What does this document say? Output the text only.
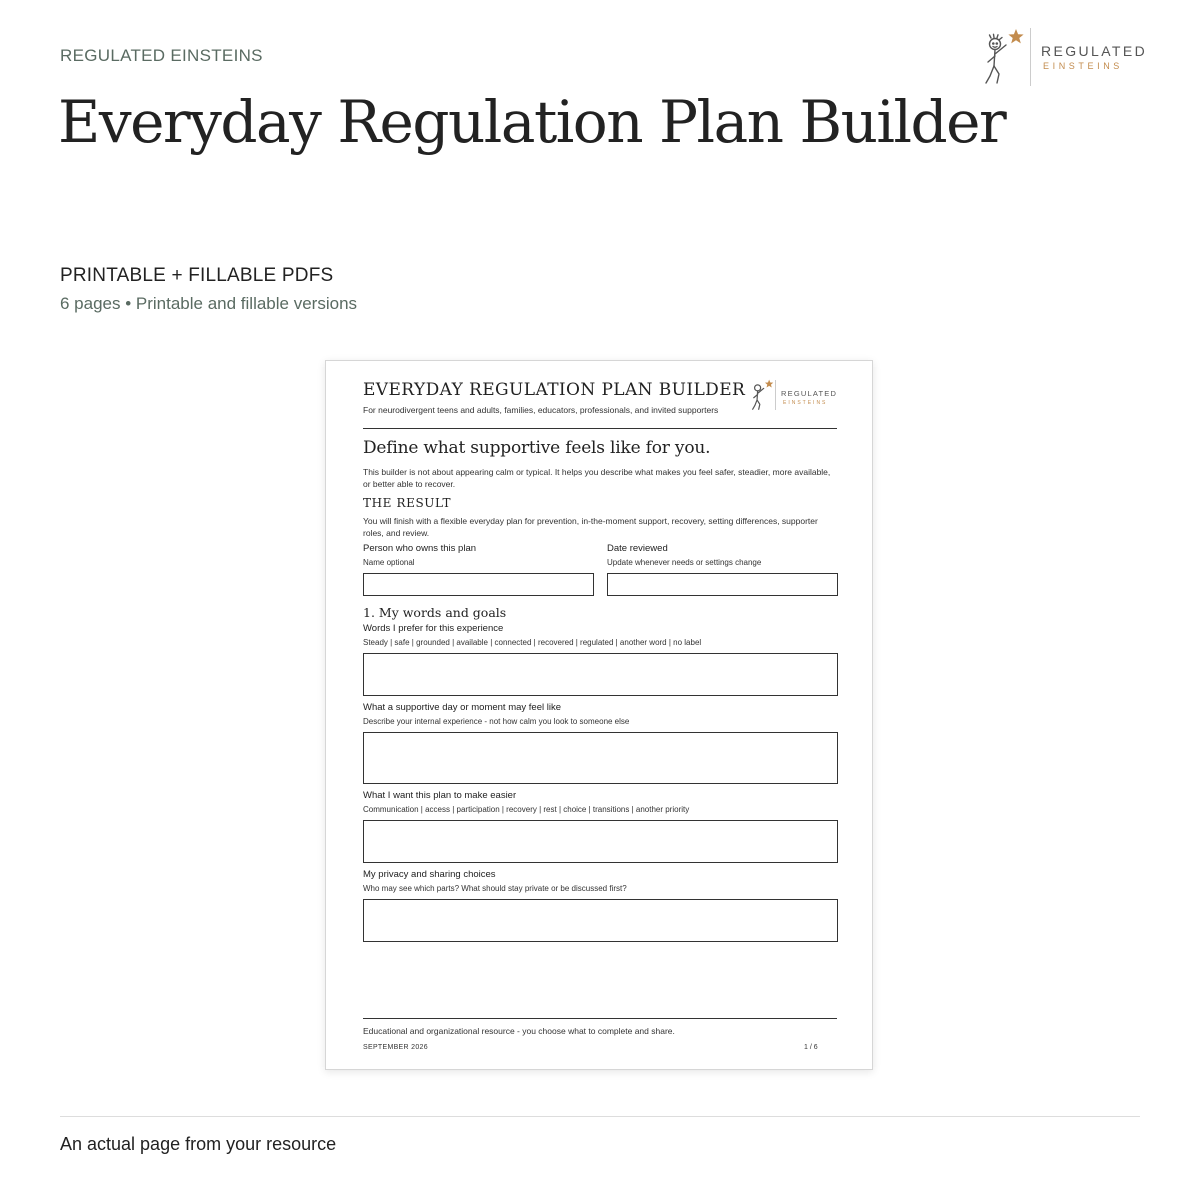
REGULATED EINSTEINS
Everyday Regulation Plan Builder
REGULATED
EINSTEINS
PRINTABLE + FILLABLE PDFS
6 pages • Printable and fillable versions
EVERYDAY REGULATION PLAN BUILDER
For neurodivergent teens and adults, families, educators, professionals, and invited supporters
REGULATED
EINSTEINS
Define what supportive feels like for you.
This builder is not about appearing calm or typical. It helps you describe what makes you feel safer, steadier, more available, or better able to recover.
THE RESULT
You will finish with a flexible everyday plan for prevention, in-the-moment support, recovery, setting differences, supporter roles, and review.
Person who owns this plan
Name optional
Date reviewed
Update whenever needs or settings change
1. My words and goals
Words I prefer for this experience
Steady | safe | grounded | available | connected | recovered | regulated | another word | no label
What a supportive day or moment may feel like
Describe your internal experience - not how calm you look to someone else
What I want this plan to make easier
Communication | access | participation | recovery | rest | choice | transitions | another priority
My privacy and sharing choices
Who may see which parts? What should stay private or be discussed first?
Educational and organizational resource - you choose what to complete and share.
SEPTEMBER 2026	1 / 6
An actual page from your resource
